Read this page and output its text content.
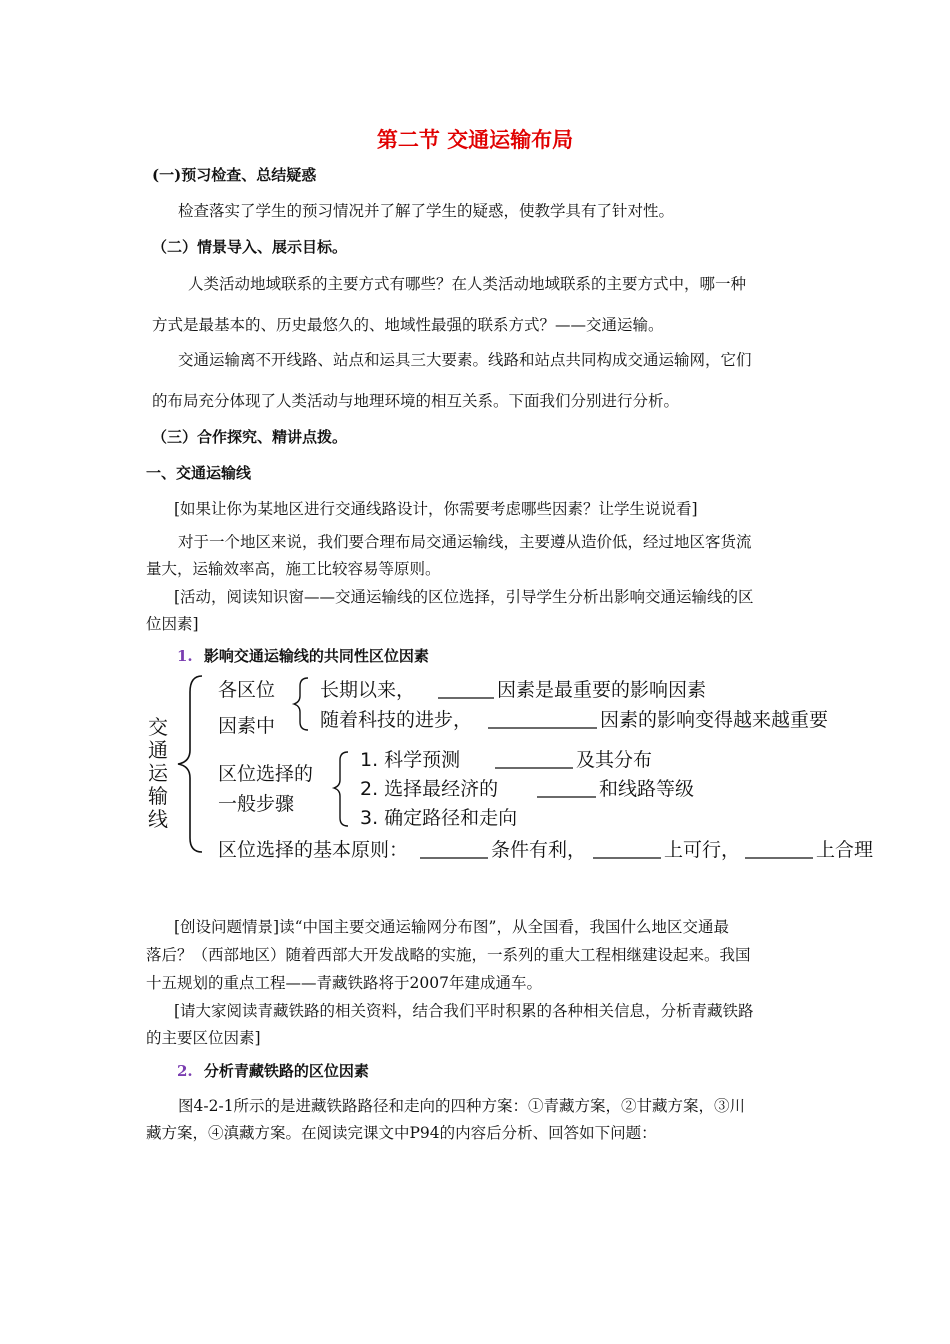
第二节 交通运输布局
(一)预习检查、总结疑惑
检查落实了学生的预习情况并了解了学生的疑惑，使教学具有了针对性。
（二）情景导入、展示目标。
人类活动地域联系的主要方式有哪些？在人类活动地域联系的主要方式中，哪一种
方式是最基本的、历史最悠久的、地域性最强的联系方式？——交通运输。
交通运输离不开线路、站点和运具三大要素。线路和站点共同构成交通运输网，它们
的布局充分体现了人类活动与地理环境的相互关系。下面我们分别进行分析。
（三）合作探究、精讲点拨。
一、交通运输线
[如果让你为某地区进行交通线路设计，你需要考虑哪些因素？让学生说说看]
对于一个地区来说，我们要合理布局交通运输线，主要遵从造价低，经过地区客货流
量大，运输效率高，施工比较容易等原则。
[活动，阅读知识窗——交通运输线的区位选择，引导学生分析出影响交通运输线的区
位因素]
1. 影响交通运输线的共同性区位因素
交
通
运
输
线
各区位
因素中
长期以来，	因素是最重要的影响因素
随着科技的进步，	因素的影响变得越来越重要
区位选择的
一般步骤
1. 科学预测	及其分布
2. 选择最经济的	和线路等级
3. 确定路径和走向
区位选择的基本原则：	条件有利，	上可行，	上合理
[创设问题情景]读“中国主要交通运输网分布图”，从全国看，我国什么地区交通最
落后？（西部地区）随着西部大开发战略的实施，一系列的重大工程相继建设起来。我国
十五规划的重点工程——青藏铁路将于2007年建成通车。
[请大家阅读青藏铁路的相关资料，结合我们平时积累的各种相关信息，分析青藏铁路
的主要区位因素]
2. 分析青藏铁路的区位因素
图4-2-1所示的是进藏铁路路径和走向的四种方案：①青藏方案，②甘藏方案，③川
藏方案，④滇藏方案。在阅读完课文中P94的内容后分析、回答如下问题：
